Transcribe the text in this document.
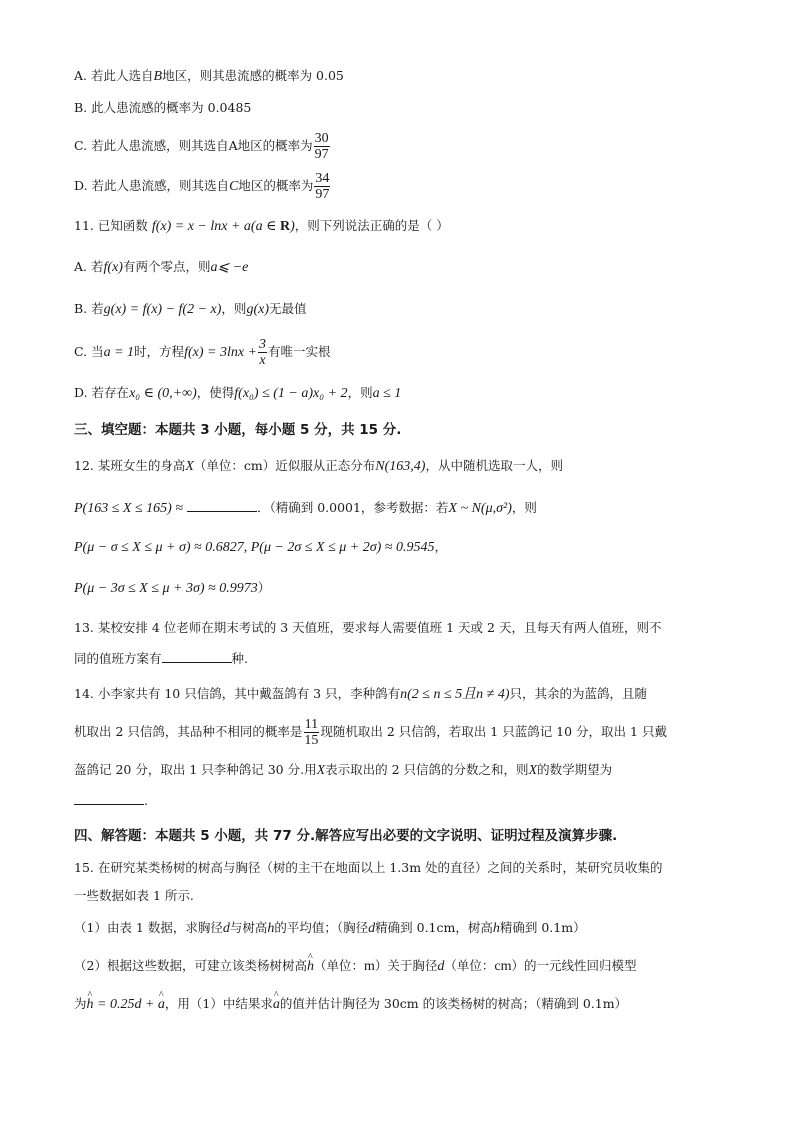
A. 若此人选自B地区，则其患流感的概率为 0.05
B. 此人患流感的概率为 0.0485
C. 若此人患流感，则其选自A地区的概率为 $\frac{30}{97}$
D. 若此人患流感，则其选自C地区的概率为 $\frac{34}{97}$
11. 已知函数 f(x) = x − lnx + a(a ∈ R)，则下列说法正确的是（ ）
A. 若f(x)有两个零点，则a⩽ −e
B. 若g(x) = f(x) − f(2 − x)，则g(x)无最值
C. 当a = 1时，方程$f(x) = 3\ln x + \frac{3}{x}$ 有唯一实根
D. 若存在x₀ ∈ (0,+∞)，使得f(x₀) ≤ (1 − a)x₀ + 2，则a ≤ 1
三、填空题：本题共 3 小题，每小题 5 分，共 15 分.
12. 某班女生的身高X（单位：cm）近似服从正态分布N(163,4)，从中随机选取一人，则
P(163 ≤ X ≤ 165) ≈	．（精确到 0.0001，参考数据：若X ~ N(μ,σ²)，则
P(μ − σ ≤ X ≤ μ + σ) ≈ 0.6827, P(μ − 2σ ≤ X ≤ μ + 2σ) ≈ 0.9545，
P(μ − 3σ ≤ X ≤ μ + 3σ) ≈ 0.9973）
13. 某校安排 4 位老师在期末考试的 3 天值班，要求每人需要值班 1 天或 2 天，且每天有两人值班，则不
同的值班方案有	种.
14. 小李家共有 10 只信鸽，其中戴盔鸽有 3 只，李种鸽有n(2 ≤ n ≤ 5且n ≠ 4)只，其余的为蓝鸽，且随
机取出 2 只信鸽，其品种不相同的概率是 $\frac{11}{15}$ 现随机取出 2 只信鸽，若取出 1 只蓝鸽记 10 分，取出 1 只戴
盔鸽记 20 分，取出 1 只李种鸽记 30 分.用X表示取出的 2 只信鸽的分数之和，则X的数学期望为
.
四、解答题：本题共 5 小题，共 77 分.解答应写出必要的文字说明、证明过程及演算步骤.
15. 在研究某类杨树的树高与胸径（树的主干在地面以上 1.3m 处的直径）之间的关系时，某研究员收集的
一些数据如表 1 所示.
（1）由表 1 数据，求胸径d与树高h的平均值；（胸径d精确到 0.1cm，树高h精确到 0.1m）
（2）根据这些数据，可建立该类杨树树高^ h（单位：m）关于胸径d（单位：cm）的一元线性回归模型
为^ h = 0.25d + ^ a，用（1）中结果求^ a的值并估计胸径为 30cm 的该类杨树的树高；（精确到 0.1m）
